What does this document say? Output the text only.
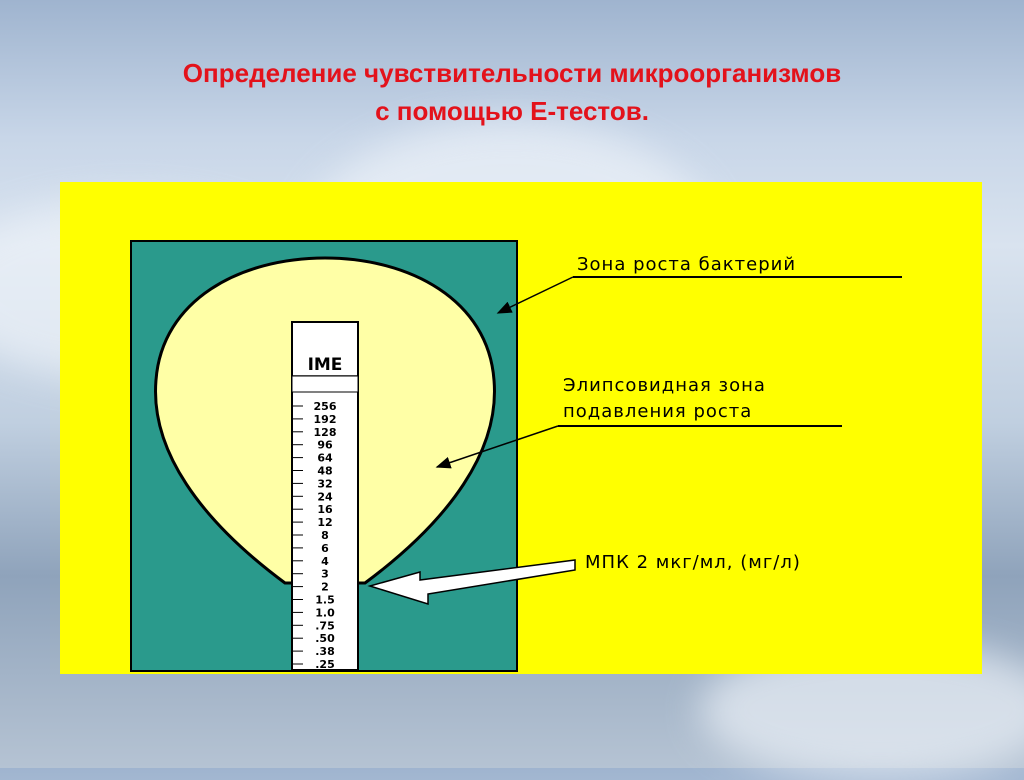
Определение чувствительности микроорганизмов
с помощью Е-тестов.
IME
256
192
128
96
64
48
32
24
16
12
8
6
4
3
2
1.5
1.0
.75
.50
.38
.25
Зона роста бактерий
Элипсовидная зона
подавления роста
МПК 2 мкг/мл, (мг/л)
